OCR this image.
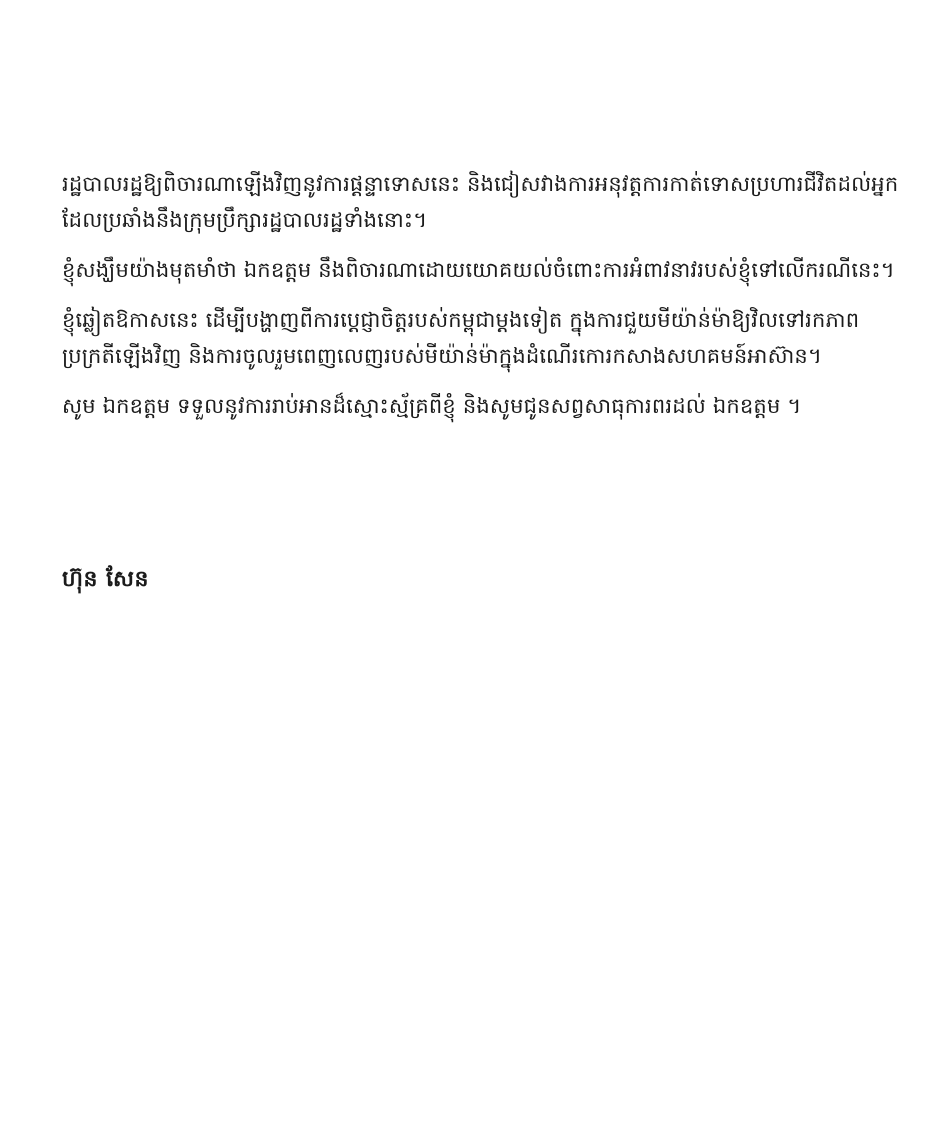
រដ្ឋបាលរដ្ឋឱ្យពិចារណាឡើងវិញនូវការផ្តន្ទាទោសនេះ និងជៀសវាងការអនុវត្តការកាត់ទោសប្រហារជីវិតដល់អ្នកដែលប្រឆាំងនឹងក្រុមប្រឹក្សារដ្ឋបាលរដ្ឋទាំងនោះ។

ខ្ញុំសង្ឃឹមយ៉ាងមុតមាំថា ឯកឧត្តម នឹងពិចារណាដោយយោគយល់ចំពោះការអំពាវនាវរបស់ខ្ញុំទៅលើករណីនេះ។

ខ្ញុំឆ្លៀតឱកាសនេះ ដើម្បីបង្ហាញពីការប្តេជ្ញាចិត្តរបស់កម្ពុជាម្តងទៀត ក្នុងការជួយមីយ៉ាន់ម៉ាឱ្យវិលទៅរកភាពប្រក្រតីឡើងវិញ និងការចូលរួមពេញលេញរបស់មីយ៉ាន់ម៉ាក្នុងដំណើរកោរកសាងសហគមន៍អាស៊ាន។

សូម ឯកឧត្តម ទទួលនូវការរាប់អានដ៏ស្មោះស្ម័គ្រពីខ្ញុំ និងសូមជូនសព្វសាធុការពរដល់ ឯកឧត្តម ។

ហ៊ុន សែន
